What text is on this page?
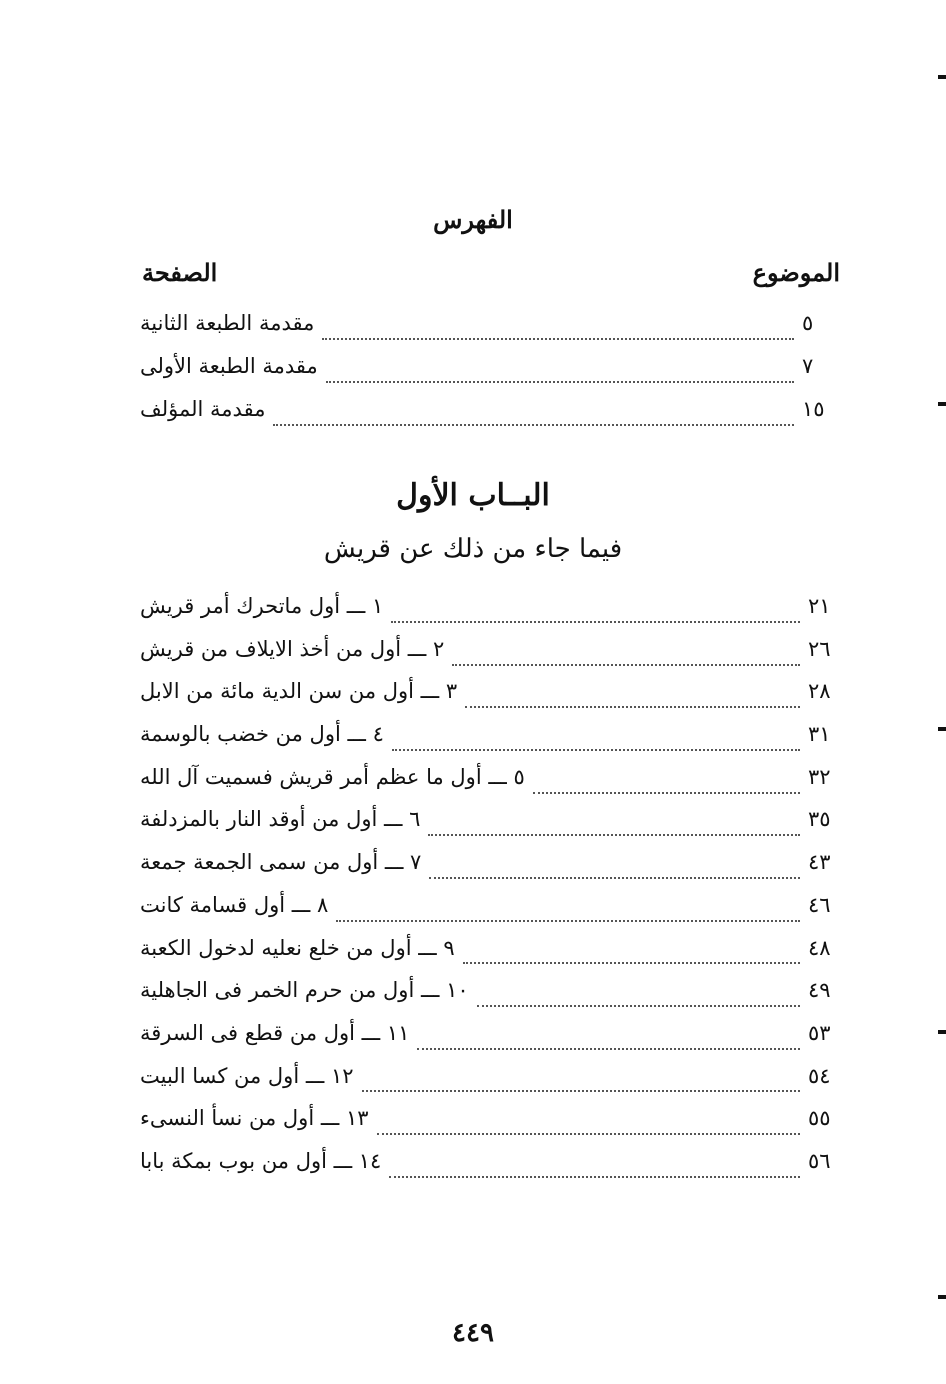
الفهرس
الموضوع
الصفحة
مقدمة الطبعة الثانية	٥
مقدمة الطبعة الأولى	٧
مقدمة المؤلف	١٥
البــاب الأول
فيما جاء من ذلك عن قريش
١ ـــ أول ماتحرك أمر قريش	٢١
٢ ـــ أول من أخذ الايلاف من قريش	٢٦
٣ ـــ أول من سن الدية مائة من الابل	٢٨
٤ ـــ أول من خضب بالوسمة	٣١
٥ ـــ أول ما عظم أمر قريش فسميت آل الله	٣٢
٦ ـــ أول من أوقد النار بالمزدلفة	٣٥
٧ ـــ أول من سمى الجمعة جمعة	٤٣
٨ ـــ أول قسامة كانت	٤٦
٩ ـــ أول من خلع نعليه لدخول الكعبة	٤٨
١٠ ـــ أول من حرم الخمر فى الجاهلية	٤٩
١١ ـــ أول من قطع فى السرقة	٥٣
١٢ ـــ أول من كسا البيت	٥٤
١٣ ـــ أول من نسأ النسىء	٥٥
١٤ ـــ أول من بوب بمكة بابا	٥٦
٤٤٩
